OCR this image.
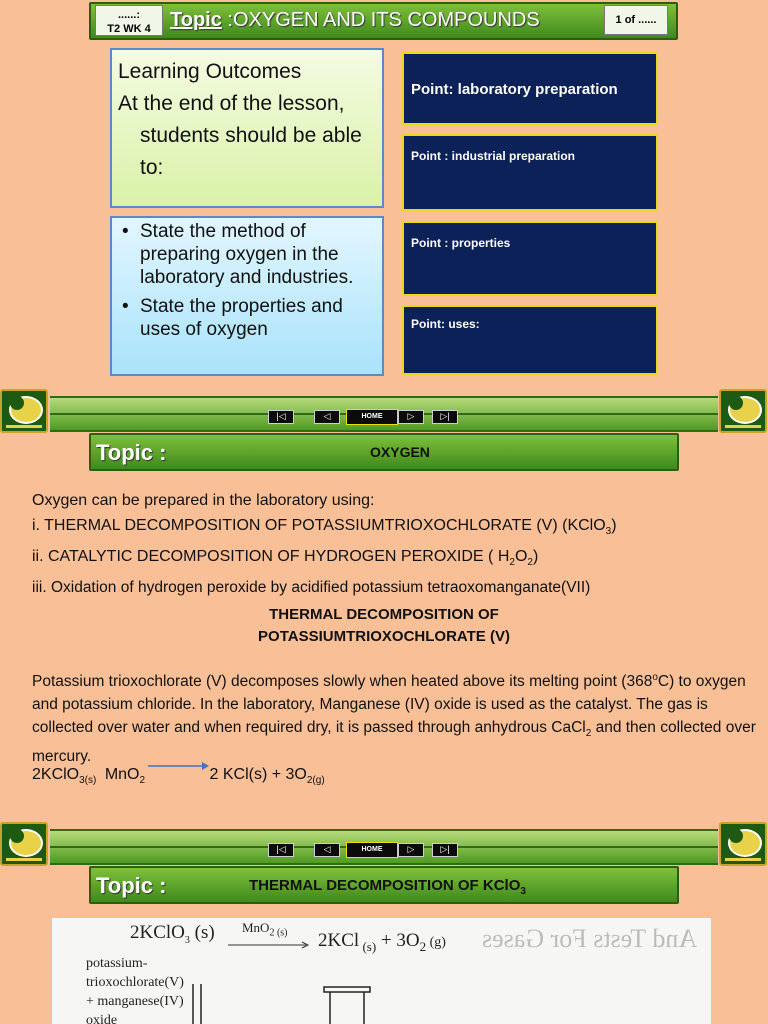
......:
T2 WK 4 Topic :OXYGEN AND ITS COMPOUNDS	1 of ......
Learning Outcomes
At the end of the lesson, students should be able to:
• State the method of preparing oxygen in the laboratory and industries.
• State the properties and uses of oxygen
Point: laboratory preparation
Point : industrial preparation
Point : properties
Point: uses:
|◁	◁	HOME	▷	▷|
Topic :	OXYGEN
Oxygen can be prepared in the laboratory using:
i. THERMAL DECOMPOSITION OF POTASSIUMTRIOXOCHLORATE (V) (KClO$_3$)
ii. CATALYTIC DECOMPOSITION OF HYDROGEN PEROXIDE ( $H_2O_2$)
iii. Oxidation of hydrogen peroxide by acidified potassium tetraoxomanganate(VII)
THERMAL DECOMPOSITION OF
POTASSIUMTRIOXOCHLORATE (V)
Potassium trioxochlorate (V) decomposes slowly when heated above its melting point (368$^o$C) to oxygen and potassium chloride. In the laboratory, Manganese (IV) oxide is used as the catalyst. The gas is collected over water and when required dry, it is passed through anhydrous CaCl$_2$ and then collected over mercury.
2KClO$_{3(s)}$ MnO$_2$ →2 $KCl(s) + 3O_{2(g)}$
|◁	◁	HOME	▷	▷|
Topic :	THERMAL DECOMPOSITION OF KClO$_3$
And Tests For Gases
2KClO$_3$ (s) MnO$_{2 (s)}$ 2KCl $_{(s)} + 3O_2$ (g)
potassium-
trioxochlorate(V)
+ manganese(IV)
oxide
